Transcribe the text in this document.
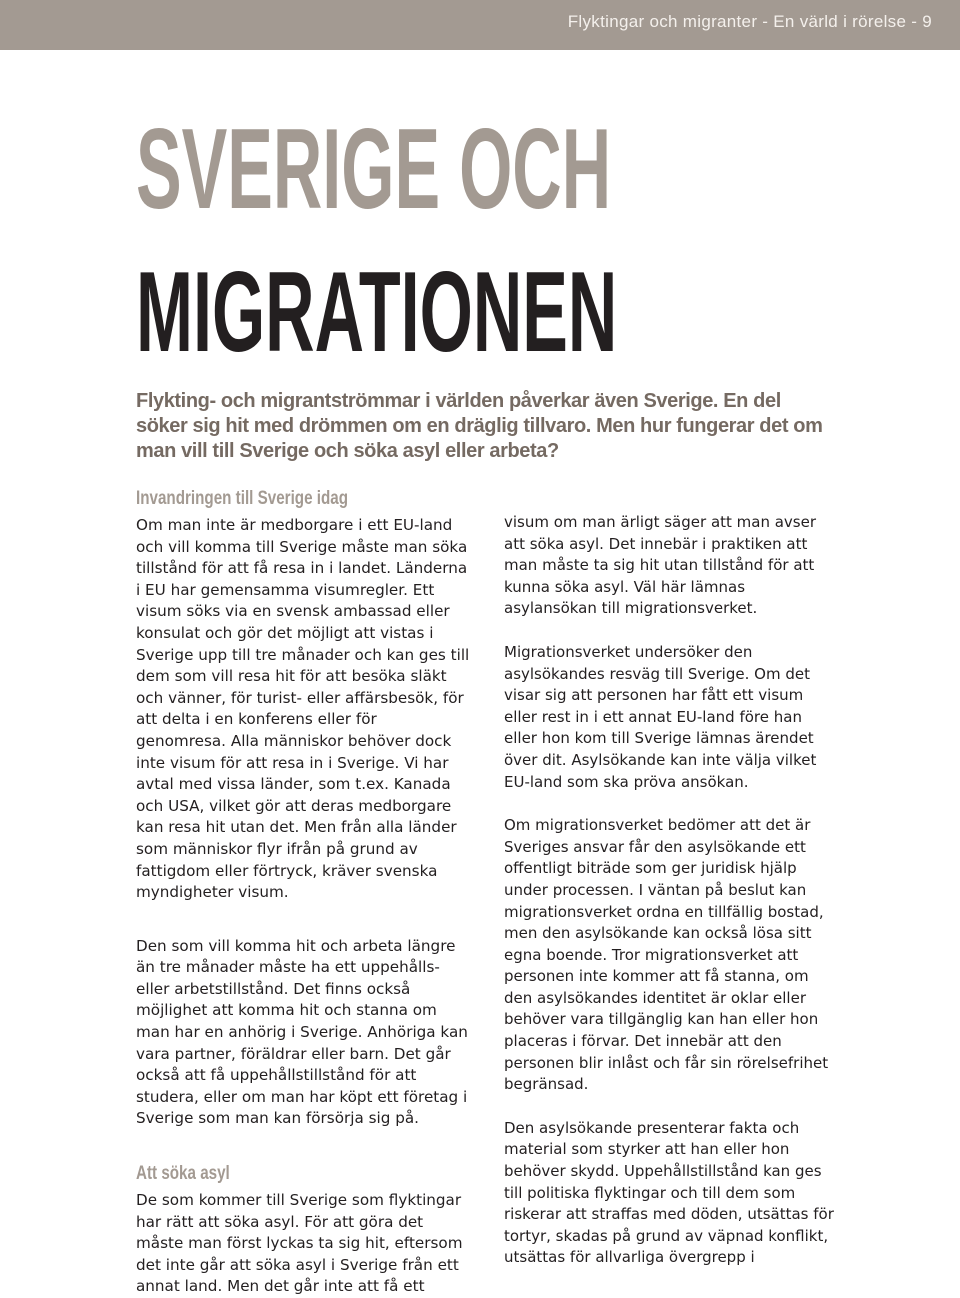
Flyktingar och migranter - En värld i rörelse - 9
SVERIGE OCH
MIGRATIONEN

Flykting- och migrantströmmar i världen påverkar även Sverige. En del söker sig hit med drömmen om en dräglig tillvaro. Men hur fungerar det om man vill till Sverige och söka asyl eller arbeta?

Invandringen till Sverige idag

Om man inte är medborgare i ett EU-land och vill komma till Sverige måste man söka tillstånd för att få resa in i landet. Länderna i EU har gemensamma visumregler. Ett visum söks via en svensk ambassad eller konsulat och gör det möjligt att vistas i Sverige upp till tre månader och kan ges till dem som vill resa hit för att besöka släkt och vänner, för turist- eller affärsbesök, för att delta i en konferens eller för genomresa. Alla människor behöver dock inte visum för att resa in i Sverige. Vi har avtal med vissa länder, som t.ex. Kanada och USA, vilket gör att deras medborgare kan resa hit utan det. Men från alla länder som människor flyr ifrån på grund av fattigdom eller förtryck, kräver svenska myndigheter visum.

Den som vill komma hit och arbeta längre än tre månader måste ha ett uppehålls- eller arbetstillstånd. Det finns också möjlighet att komma hit och stanna om man har en anhörig i Sverige. Anhöriga kan vara partner, föräldrar eller barn. Det går också att få uppehållstillstånd för att studera, eller om man har köpt ett företag i Sverige som man kan försörja sig på.

Att söka asyl

De som kommer till Sverige som flyktingar har rätt att söka asyl. För att göra det måste man först lyckas ta sig hit, eftersom det inte går att söka asyl i Sverige från ett annat land. Men det går inte att få ett

visum om man ärligt säger att man avser att söka asyl. Det innebär i praktiken att man måste ta sig hit utan tillstånd för att kunna söka asyl. Väl här lämnas asylansökan till migrationsverket.

Migrationsverket undersöker den asylsökandes resväg till Sverige. Om det visar sig att personen har fått ett visum eller rest in i ett annat EU-land före han eller hon kom till Sverige lämnas ärendet över dit. Asylsökande kan inte välja vilket EU-land som ska pröva ansökan.

Om migrationsverket bedömer att det är Sveriges ansvar får den asylsökande ett offentligt biträde som ger juridisk hjälp under processen. I väntan på beslut kan migrationsverket ordna en tillfällig bostad, men den asylsökande kan också lösa sitt egna boende. Tror migrationsverket att personen inte kommer att få stanna, om den asylsökandes identitet är oklar eller behöver vara tillgänglig kan han eller hon placeras i förvar. Det innebär att den personen blir inlåst och får sin rörelsefrihet begränsad.

Den asylsökande presenterar fakta och material som styrker att han eller hon behöver skydd. Uppehållstillstånd kan ges till politiska flyktingar och till dem som riskerar att straffas med döden, utsättas för tortyr, skadas på grund av väpnad konflikt, utsättas för allvarliga övergrepp i
